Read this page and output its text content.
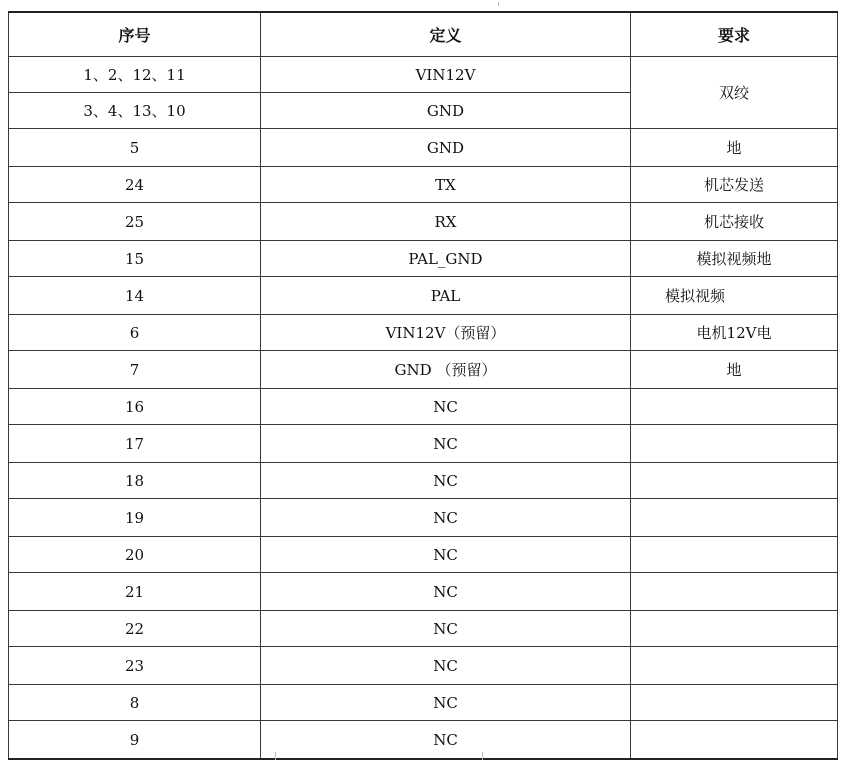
序号	定义	要求
1、2、12、11	VIN12V	双绞
3、4、13、10	GND	
5	GND	地
24	TX	机芯发送
25	RX	机芯接收
15	PAL_GND	模拟视频地
14	PAL	模拟视频
6	VIN12V（预留）	电机12V电
7	GND （预留）	地
16	NC	
17	NC	
18	NC	
19	NC	
20	NC	
21	NC	
22	NC	
23	NC	
8	NC	
9	NC	
